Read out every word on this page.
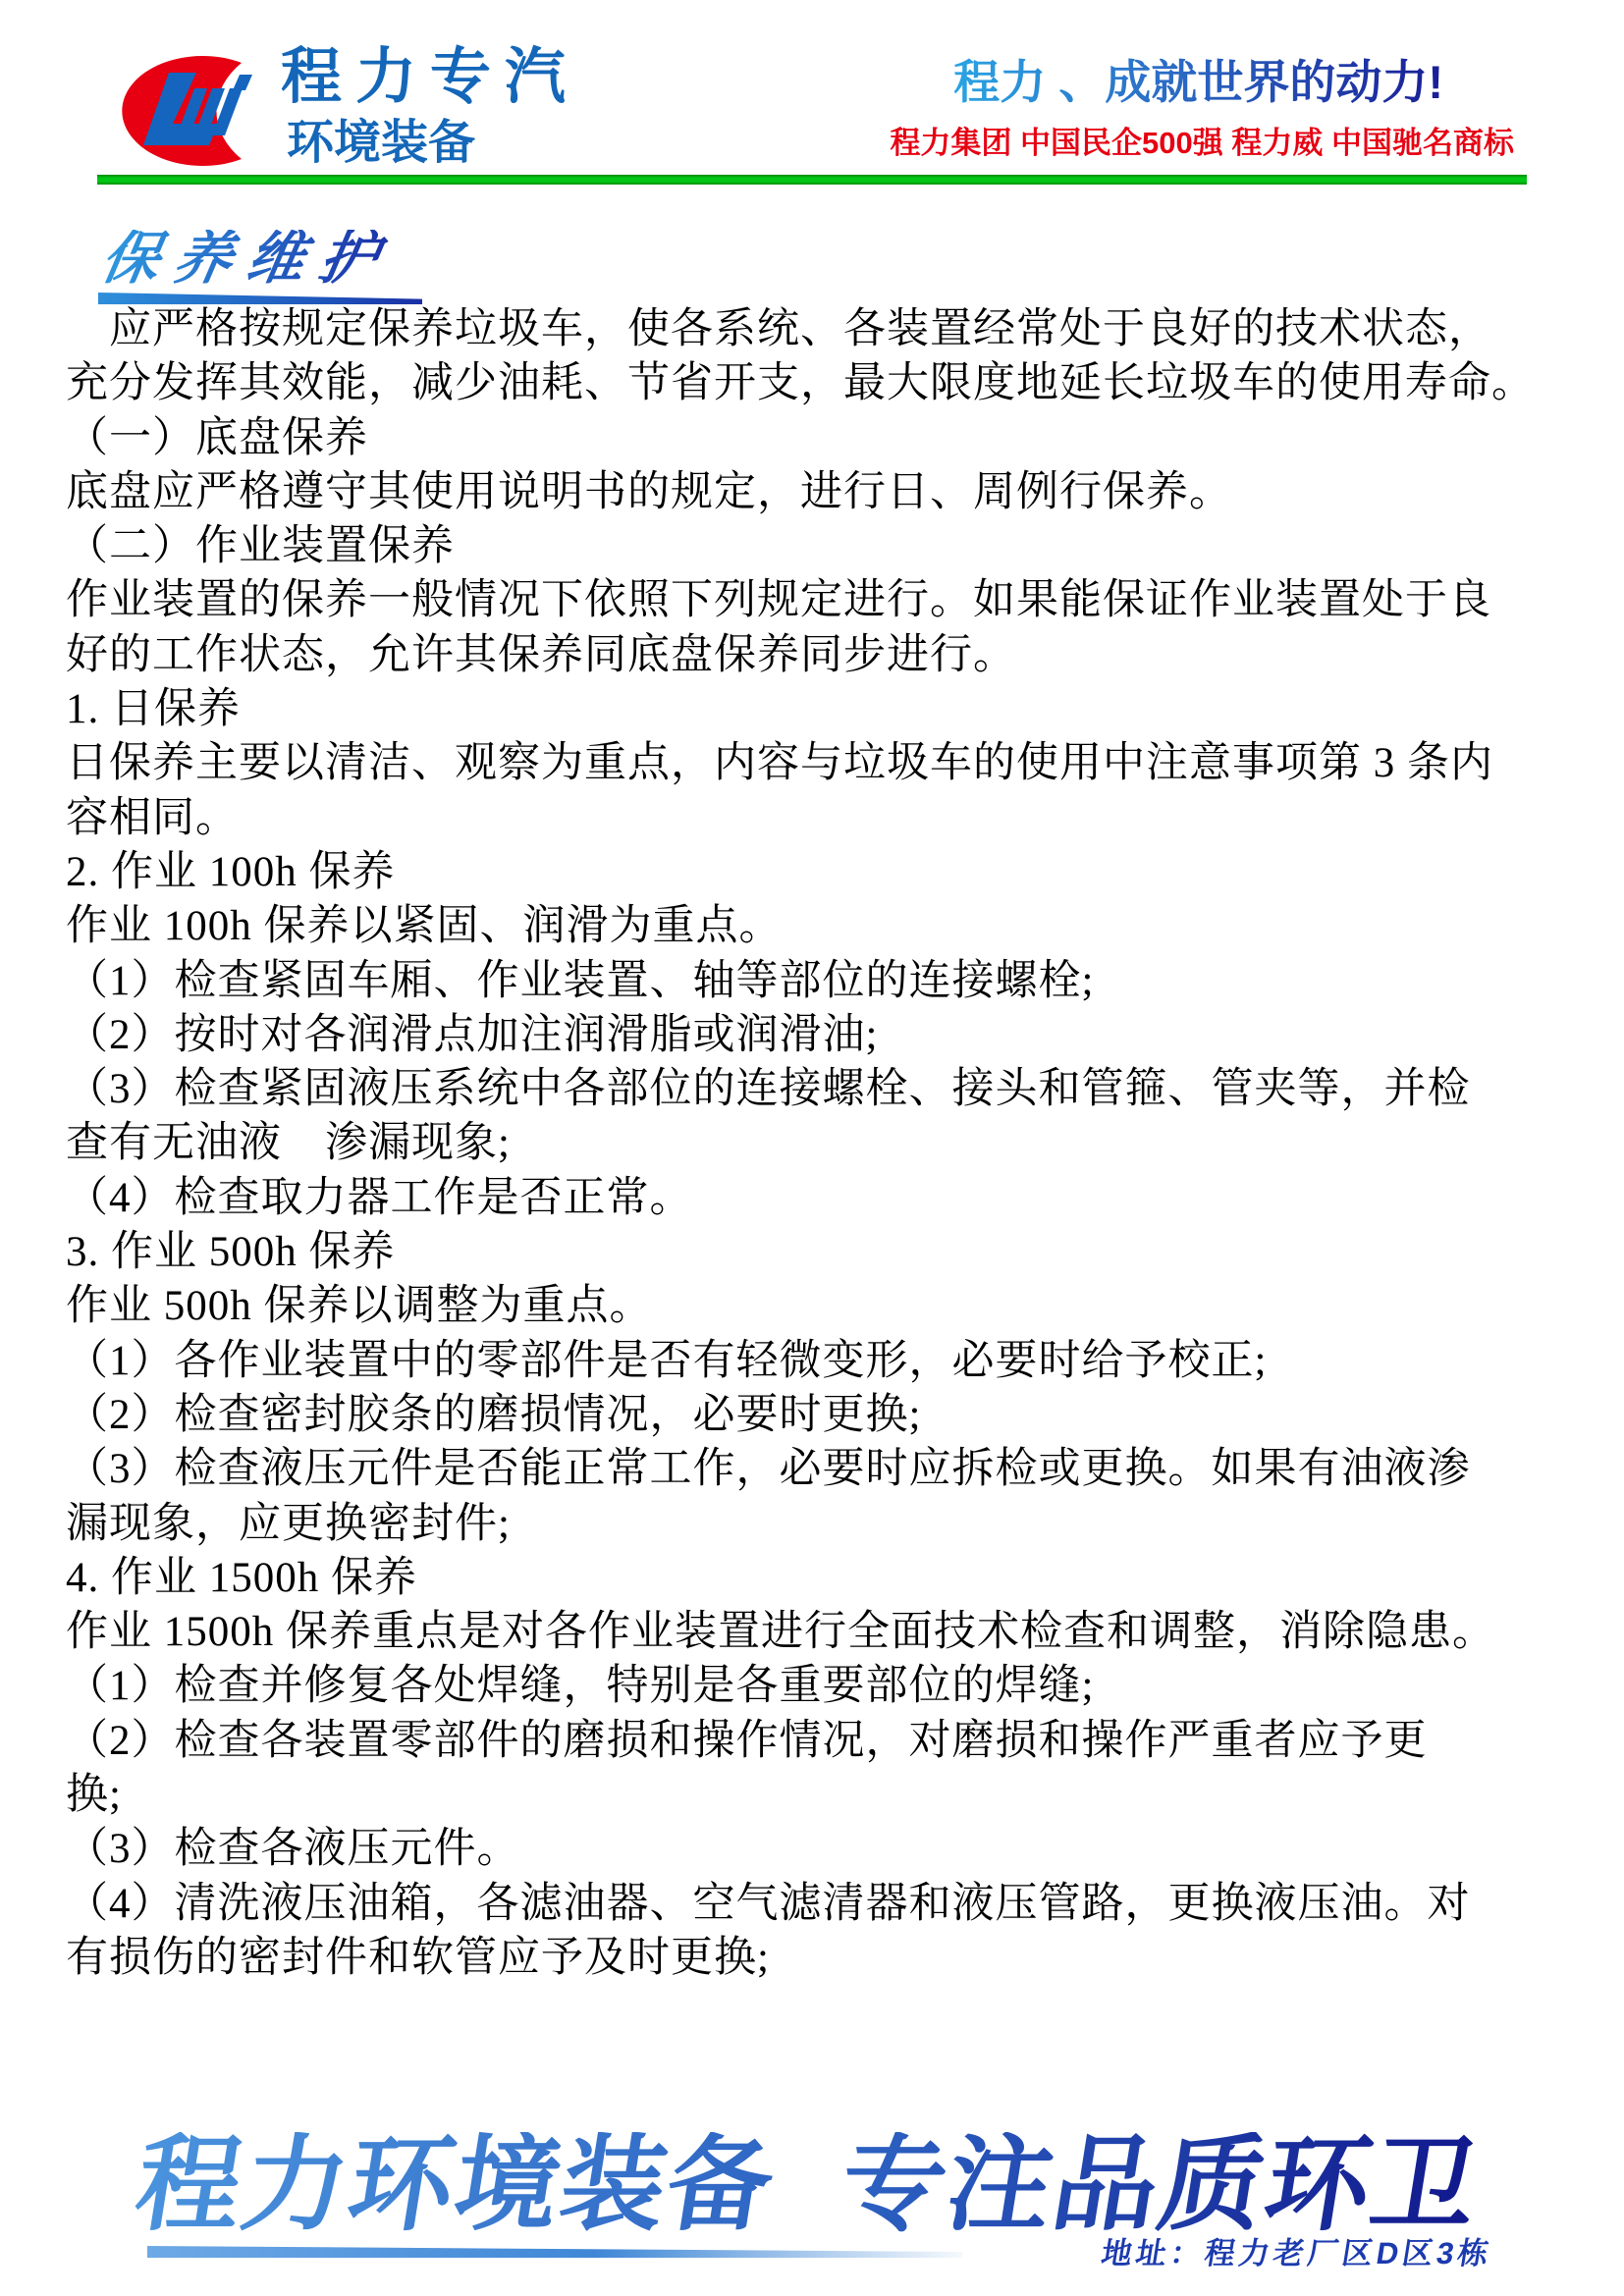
程力专汽
环境装备
程力 、成就世界的动力!
程力集团 中国民企500强 程力威 中国驰名商标
保养维护
　应严格按规定保养垃圾车，使各系统、各装置经常处于良好的技术状态，
充分发挥其效能，减少油耗、节省开支，最大限度地延长垃圾车的使用寿命。
（一）底盘保养
底盘应严格遵守其使用说明书的规定，进行日、周例行保养。
（二）作业装置保养
作业装置的保养一般情况下依照下列规定进行。如果能保证作业装置处于良
好的工作状态，允许其保养同底盘保养同步进行。
1. 日保养
日保养主要以清洁、观察为重点，内容与垃圾车的使用中注意事项第 3 条内
容相同。
2. 作业 100h 保养
作业 100h 保养以紧固、润滑为重点。
（1）检查紧固车厢、作业装置、轴等部位的连接螺栓;
（2）按时对各润滑点加注润滑脂或润滑油;
（3）检查紧固液压系统中各部位的连接螺栓、接头和管箍、管夹等，并检
查有无油液　渗漏现象;
（4）检查取力器工作是否正常。
3. 作业 500h 保养
作业 500h 保养以调整为重点。
（1）各作业装置中的零部件是否有轻微变形，必要时给予校正;
（2）检查密封胶条的磨损情况，必要时更换;
（3）检查液压元件是否能正常工作，必要时应拆检或更换。如果有油液渗
漏现象，应更换密封件;
4. 作业 1500h 保养
作业 1500h 保养重点是对各作业装置进行全面技术检查和调整，消除隐患。
（1）检查并修复各处焊缝，特别是各重要部位的焊缝;
（2）检查各装置零部件的磨损和操作情况，对磨损和操作严重者应予更
换;
（3）检查各液压元件。
（4）清洗液压油箱，各滤油器、空气滤清器和液压管路，更换液压油。对
有损伤的密封件和软管应予及时更换;
程力环境装备 专注品质环卫
地址：程力老厂区D区3栋
